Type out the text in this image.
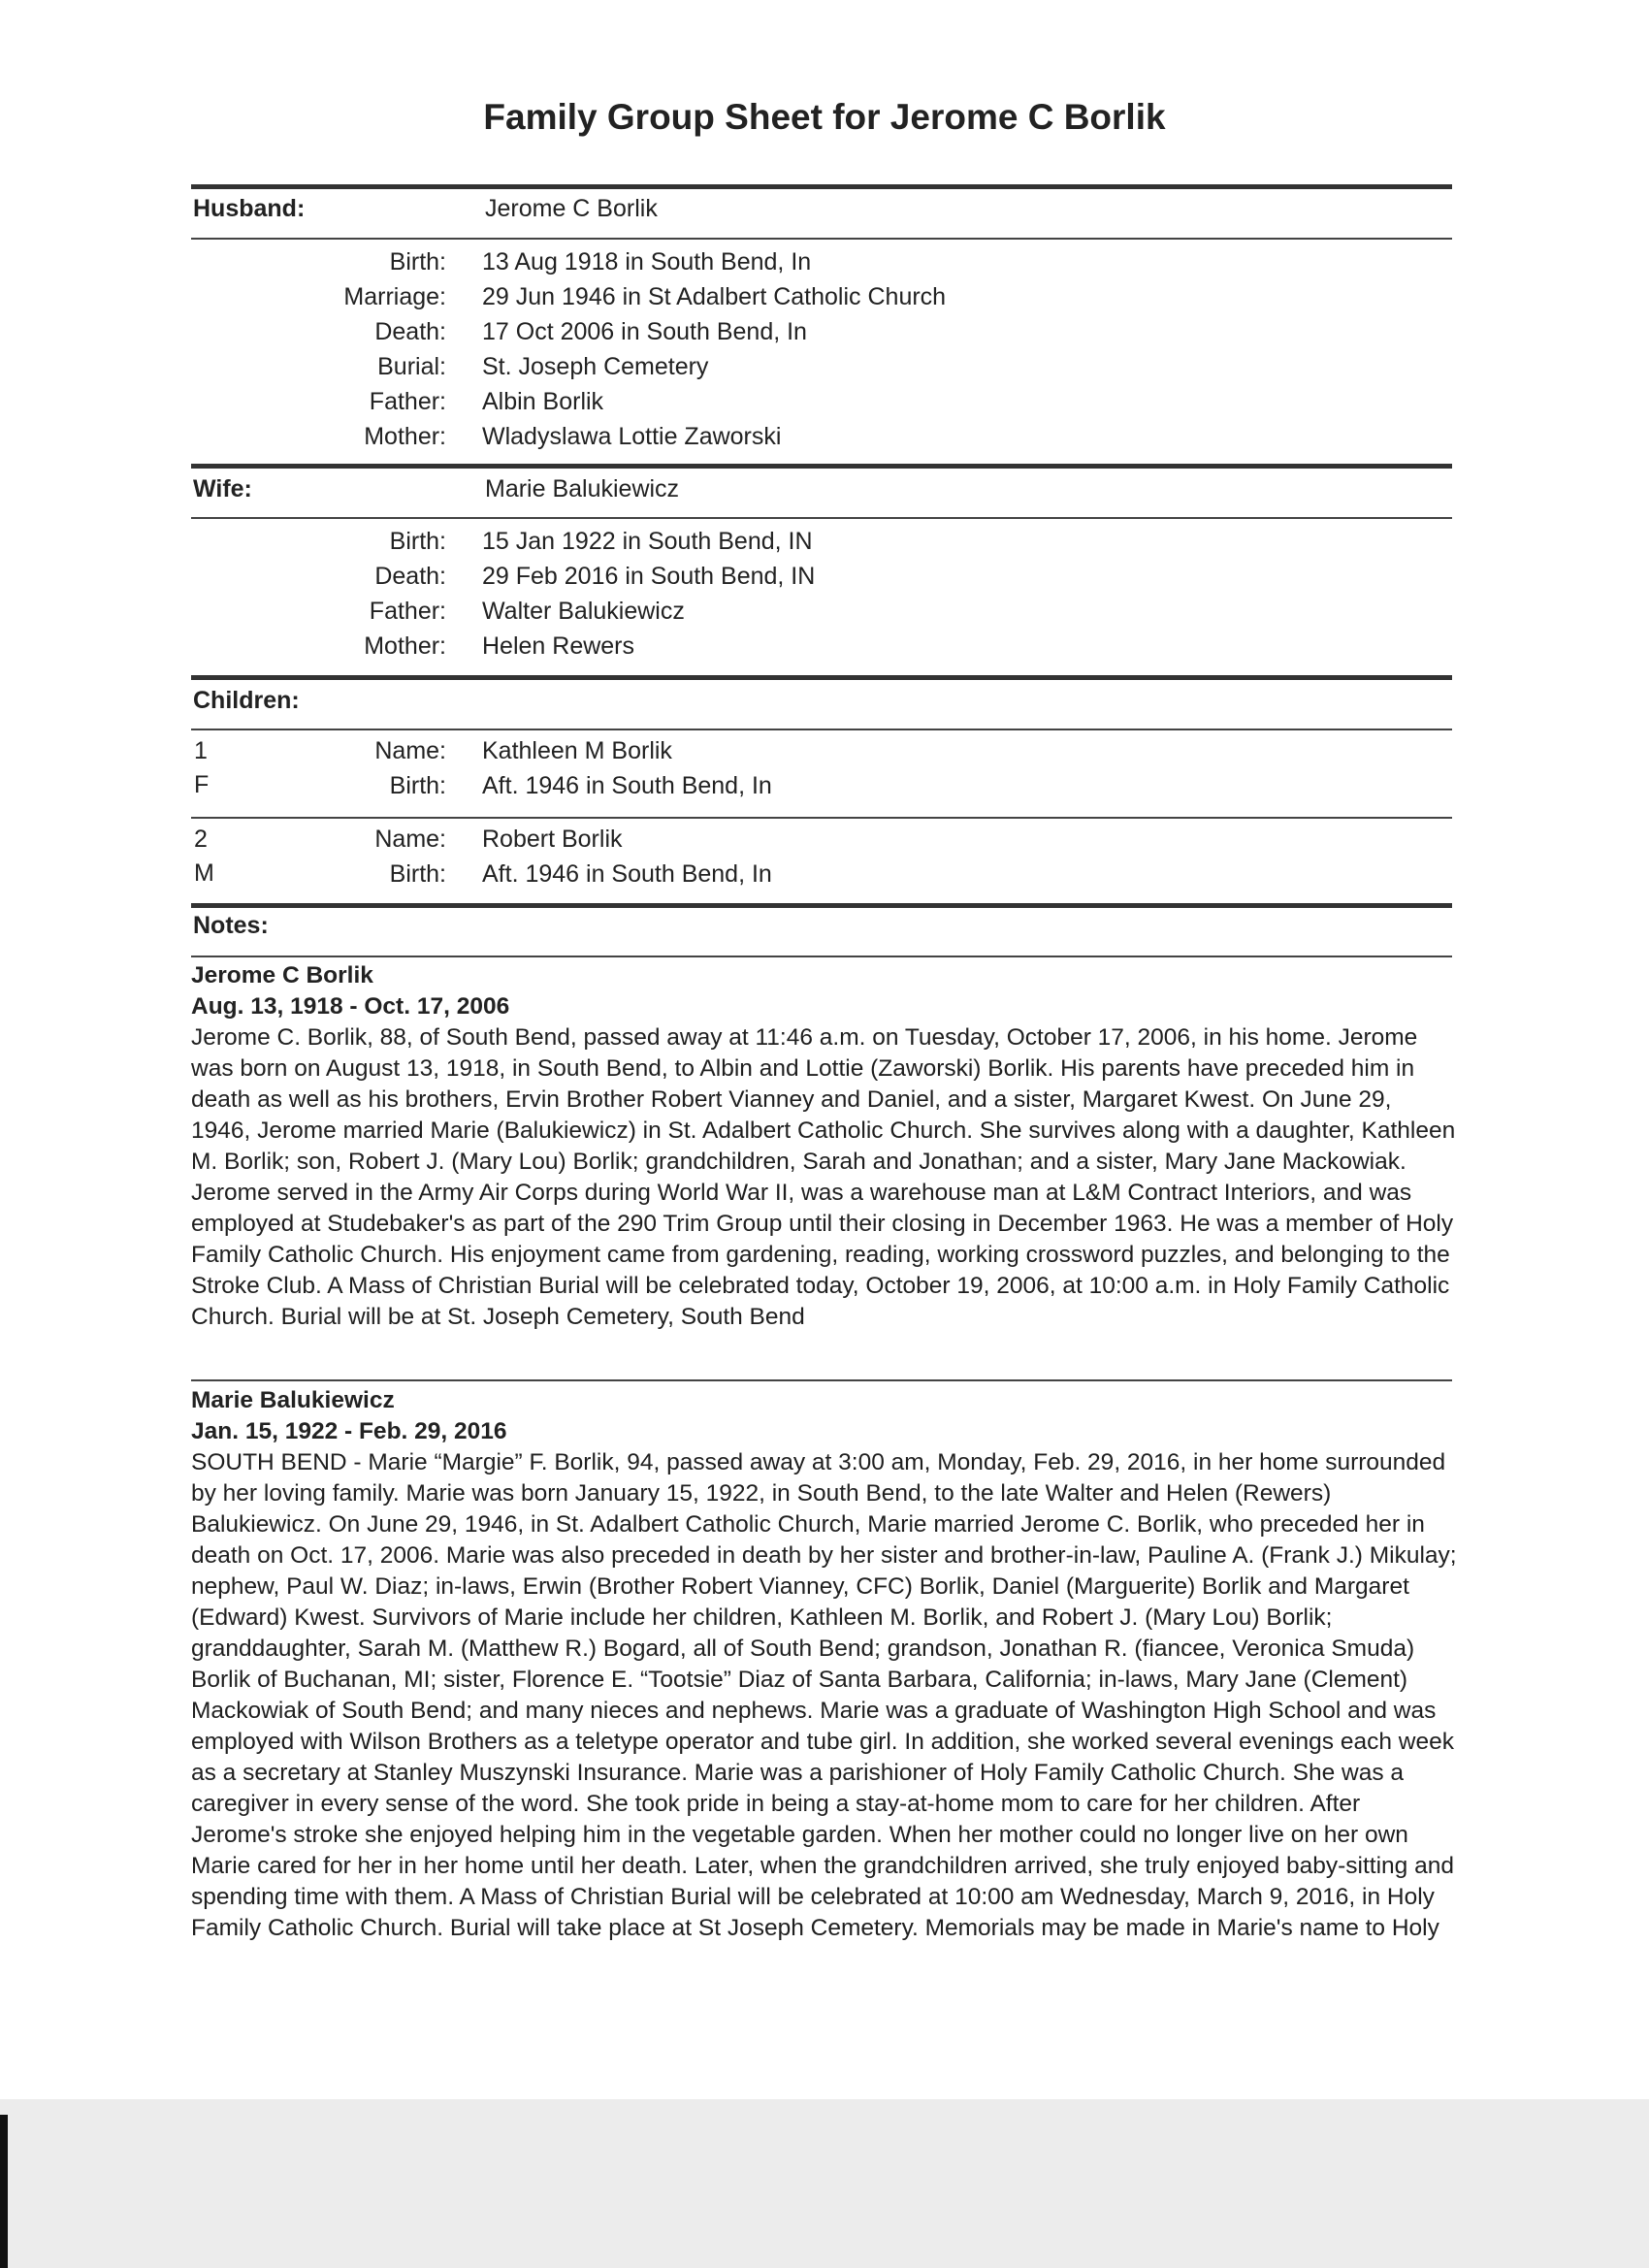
Family Group Sheet for Jerome C Borlik
Husband:	Jerome C Borlik
Birth: 13 Aug 1918 in South Bend, In
Marriage: 29 Jun 1946 in St Adalbert Catholic Church
Death: 17 Oct 2006 in South Bend, In
Burial: St. Joseph Cemetery
Father: Albin Borlik
Mother: Wladyslawa Lottie Zaworski
Wife:	Marie Balukiewicz
Birth: 15 Jan 1922 in South Bend, IN
Death: 29 Feb 2016 in South Bend, IN
Father: Walter Balukiewicz
Mother: Helen Rewers
Children:
1	Name: Kathleen M Borlik
F	Birth: Aft. 1946 in South Bend, In
2	Name: Robert Borlik
M	Birth: Aft. 1946 in South Bend, In
Notes:
Jerome C Borlik
Aug. 13, 1918 - Oct. 17, 2006

Jerome C. Borlik, 88, of South Bend, passed away at 11:46 a.m. on Tuesday, October 17, 2006, in his home. Jerome was born on August 13, 1918, in South Bend, to Albin and Lottie (Zaworski) Borlik. His parents have preceded him in death as well as his brothers, Ervin Brother Robert Vianney and Daniel, and a sister, Margaret Kwest. On June 29, 1946, Jerome married Marie (Balukiewicz) in St. Adalbert Catholic Church. She survives along with a daughter, Kathleen M. Borlik; son, Robert J. (Mary Lou) Borlik; grandchildren, Sarah and Jonathan; and a sister, Mary Jane Mackowiak. Jerome served in the Army Air Corps during World War II, was a warehouse man at L&M Contract Interiors, and was employed at Studebaker's as part of the 290 Trim Group until their closing in December 1963. He was a member of Holy Family Catholic Church. His enjoyment came from gardening, reading, working crossword puzzles, and belonging to the Stroke Club. A Mass of Christian Burial will be celebrated today, October 19, 2006, at 10:00 a.m. in Holy Family Catholic Church. Burial will be at St. Joseph Cemetery, South Bend

Marie Balukiewicz
Jan. 15, 1922 - Feb. 29, 2016

SOUTH BEND - Marie “Margie” F. Borlik, 94, passed away at 3:00 am, Monday, Feb. 29, 2016, in her home surrounded by her loving family. Marie was born January 15, 1922, in South Bend, to the late Walter and Helen (Rewers) Balukiewicz. On June 29, 1946, in St. Adalbert Catholic Church, Marie married Jerome C. Borlik, who preceded her in death on Oct. 17, 2006. Marie was also preceded in death by her sister and brother-in-law, Pauline A. (Frank J.) Mikulay; nephew, Paul W. Diaz; in-laws, Erwin (Brother Robert Vianney, CFC) Borlik, Daniel (Marguerite) Borlik and Margaret (Edward) Kwest. Survivors of Marie include her children, Kathleen M. Borlik, and Robert J. (Mary Lou) Borlik; granddaughter, Sarah M. (Matthew R.) Bogard, all of South Bend; grandson, Jonathan R. (fiancee, Veronica Smuda) Borlik of Buchanan, MI; sister, Florence E. “Tootsie” Diaz of Santa Barbara, California; in-laws, Mary Jane (Clement) Mackowiak of South Bend; and many nieces and nephews. Marie was a graduate of Washington High School and was employed with Wilson Brothers as a teletype operator and tube girl. In addition, she worked several evenings each week as a secretary at Stanley Muszynski Insurance. Marie was a parishioner of Holy Family Catholic Church. She was a caregiver in every sense of the word. She took pride in being a stay-at-home mom to care for her children. After Jerome's stroke she enjoyed helping him in the vegetable garden. When her mother could no longer live on her own Marie cared for her in her home until her death. Later, when the grandchildren arrived, she truly enjoyed baby-sitting and spending time with them. A Mass of Christian Burial will be celebrated at 10:00 am Wednesday, March 9, 2016, in Holy Family Catholic Church. Burial will take place at St Joseph Cemetery. Memorials may be made in Marie's name to Holy
